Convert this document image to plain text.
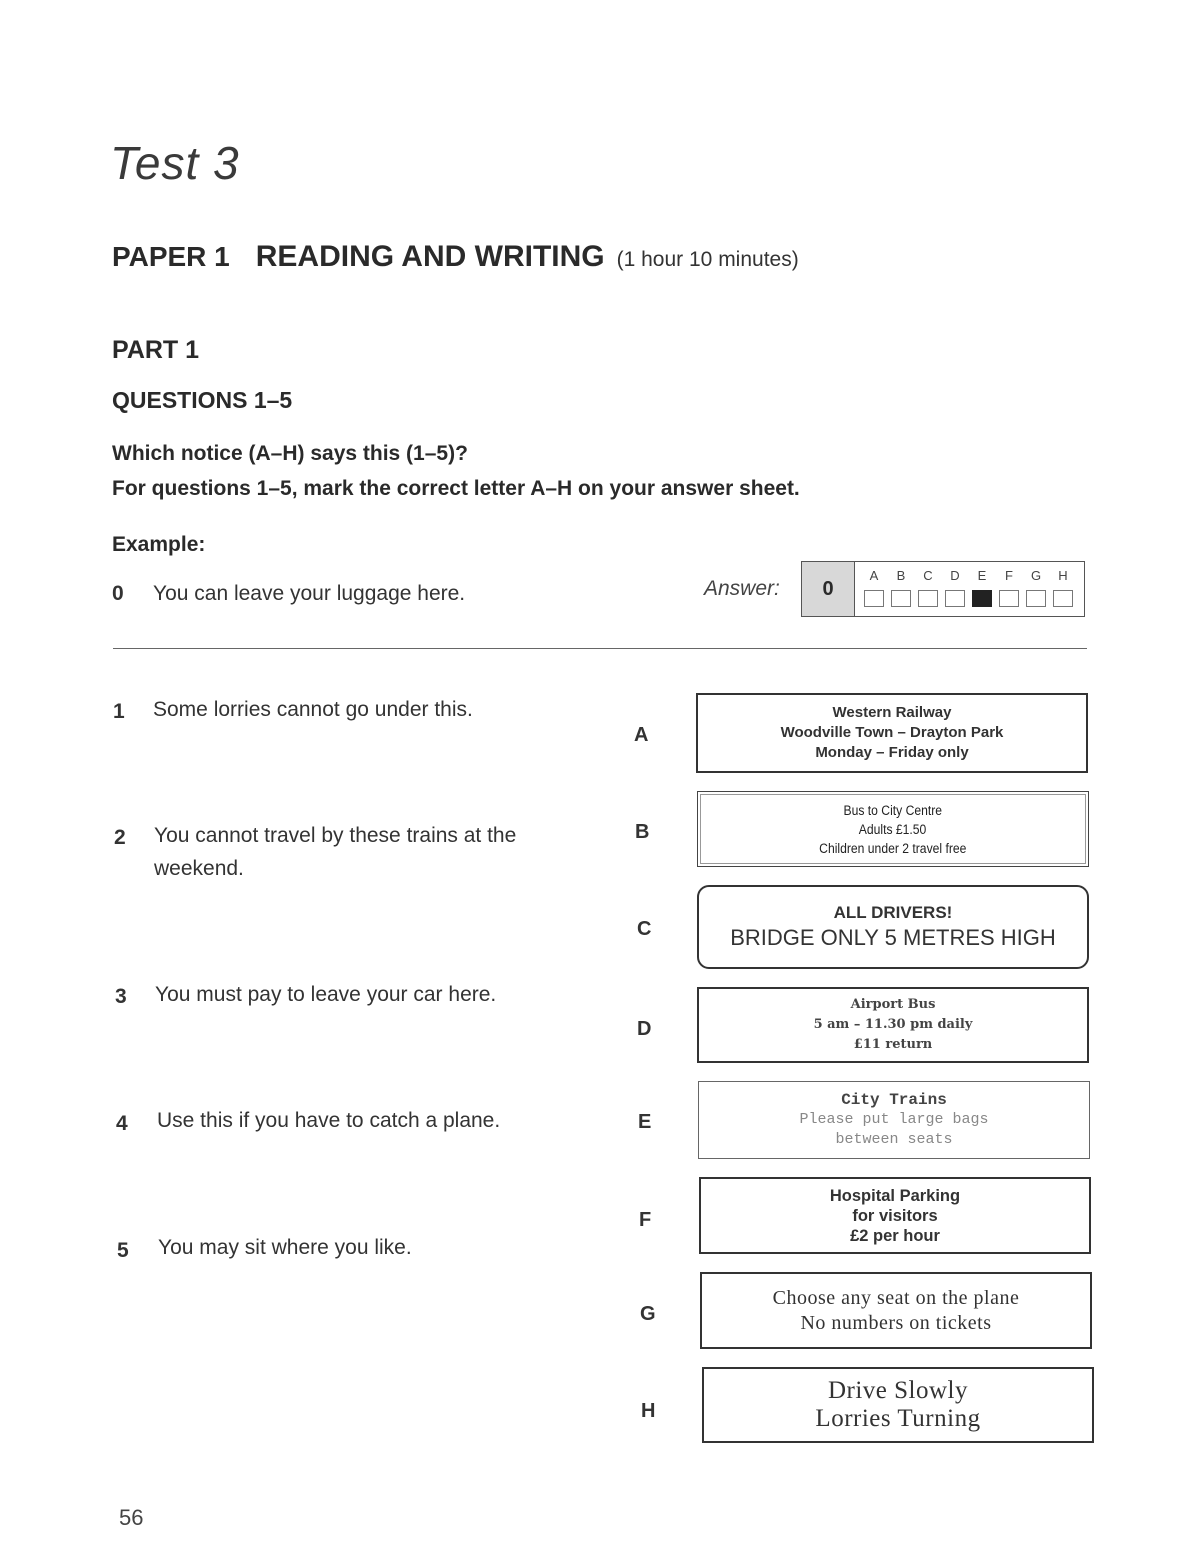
Test 3
PAPER 1 READING AND WRITING (1 hour 10 minutes)
PART 1
QUESTIONS 1–5
Which notice (A–H) says this (1–5)?
For questions 1–5, mark the correct letter A–H on your answer sheet.
Example:
0 You can leave your luggage here.	Answer:	0
A	B	C	D	E	F	G	H
1 Some lorries cannot go under this.
2 You cannot travel by these trains at the weekend.
3 You must pay to leave your car here.
4 Use this if you have to catch a plane.
5 You may sit where you like.
A
B
C
D
E
F
G
H
Western Railway
Woodville Town – Drayton Park
Monday – Friday only
Bus to City Centre
Adults £1.50
Children under 2 travel free
ALL DRIVERS!
BRIDGE ONLY 5 METRES HIGH
Airport Bus
5 am – 11.30 pm daily
£11 return
City Trains
Please put large bags
between seats
Hospital Parking
for visitors
£2 per hour
Choose any seat on the plane
No numbers on tickets
Drive Slowly
Lorries Turning
56
